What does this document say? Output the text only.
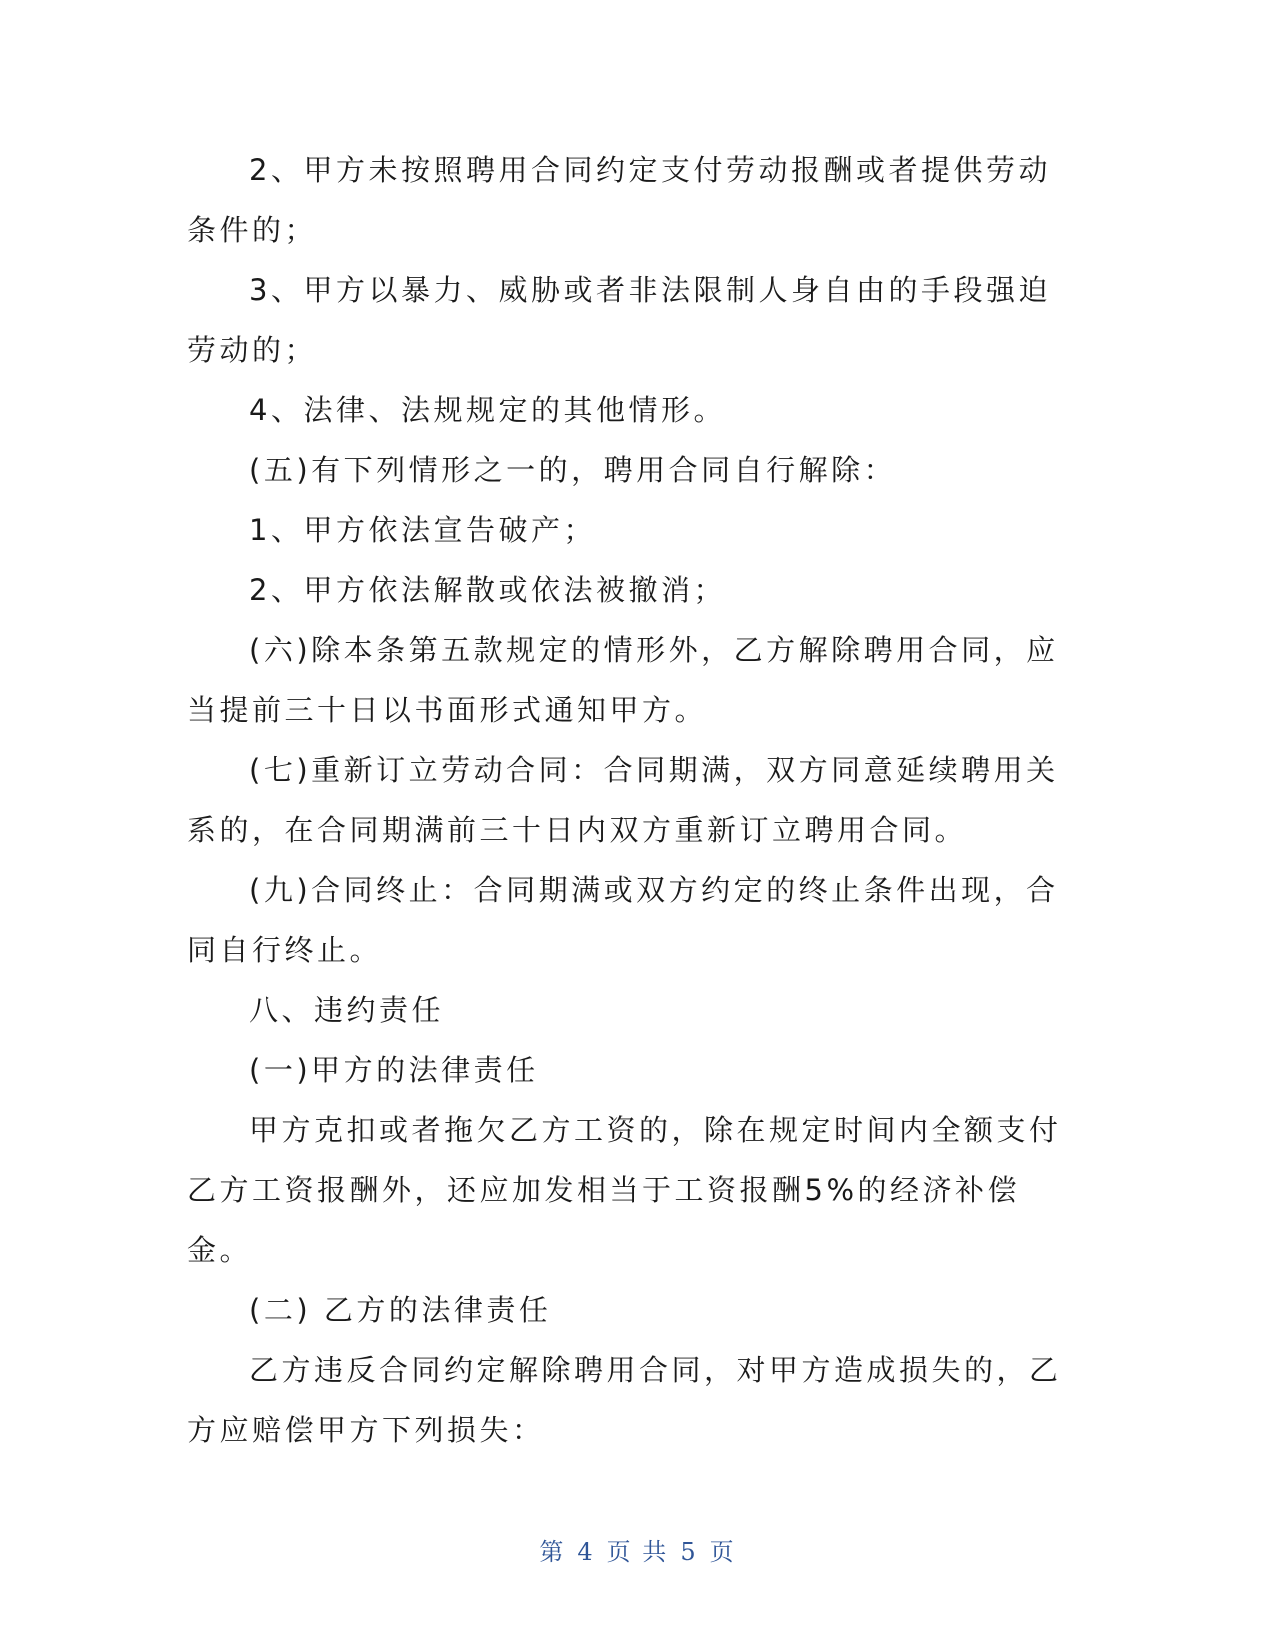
2、甲方未按照聘用合同约定支付劳动报酬或者提供劳动条件的；

3、甲方以暴力、威胁或者非法限制人身自由的手段强迫劳动的；

4、法律、法规规定的其他情形。

(五)有下列情形之一的，聘用合同自行解除：

1、甲方依法宣告破产；

2、甲方依法解散或依法被撤消；

(六)除本条第五款规定的情形外，乙方解除聘用合同，应当提前三十日以书面形式通知甲方。

(七)重新订立劳动合同：合同期满，双方同意延续聘用关系的，在合同期满前三十日内双方重新订立聘用合同。

(九)合同终止：合同期满或双方约定的终止条件出现，合同自行终止。

八、违约责任

(一)甲方的法律责任

甲方克扣或者拖欠乙方工资的，除在规定时间内全额支付乙方工资报酬外，还应加发相当于工资报酬5%的经济补偿金。

(二) 乙方的法律责任

乙方违反合同约定解除聘用合同，对甲方造成损失的，乙方应赔偿甲方下列损失：

第 4 页 共 5 页
